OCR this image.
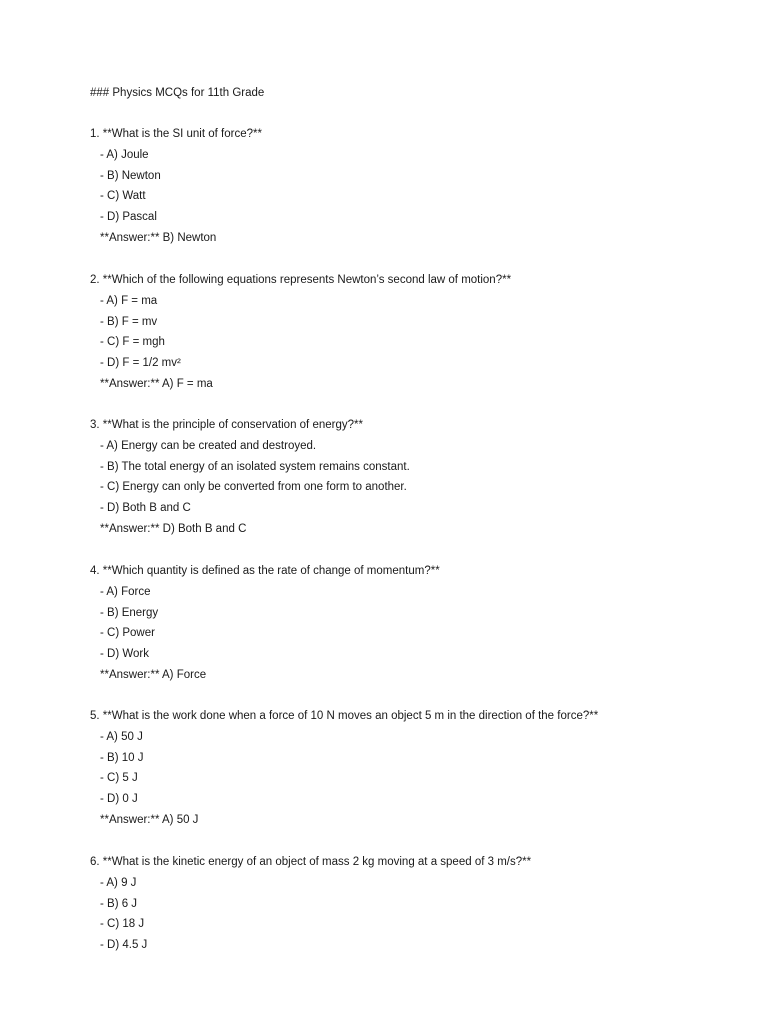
### Physics MCQs for 11th Grade
1. **What is the SI unit of force?**
- A) Joule
- B) Newton
- C) Watt
- D) Pascal
**Answer:** B) Newton
2. **Which of the following equations represents Newton’s second law of motion?**
- A) F = ma
- B) F = mv
- C) F = mgh
- D) F = 1/2 mv²
**Answer:** A) F = ma
3. **What is the principle of conservation of energy?**
- A) Energy can be created and destroyed.
- B) The total energy of an isolated system remains constant.
- C) Energy can only be converted from one form to another.
- D) Both B and C
**Answer:** D) Both B and C
4. **Which quantity is defined as the rate of change of momentum?**
- A) Force
- B) Energy
- C) Power
- D) Work
**Answer:** A) Force
5. **What is the work done when a force of 10 N moves an object 5 m in the direction of the force?**
- A) 50 J
- B) 10 J
- C) 5 J
- D) 0 J
**Answer:** A) 50 J
6. **What is the kinetic energy of an object of mass 2 kg moving at a speed of 3 m/s?**
- A) 9 J
- B) 6 J
- C) 18 J
- D) 4.5 J
